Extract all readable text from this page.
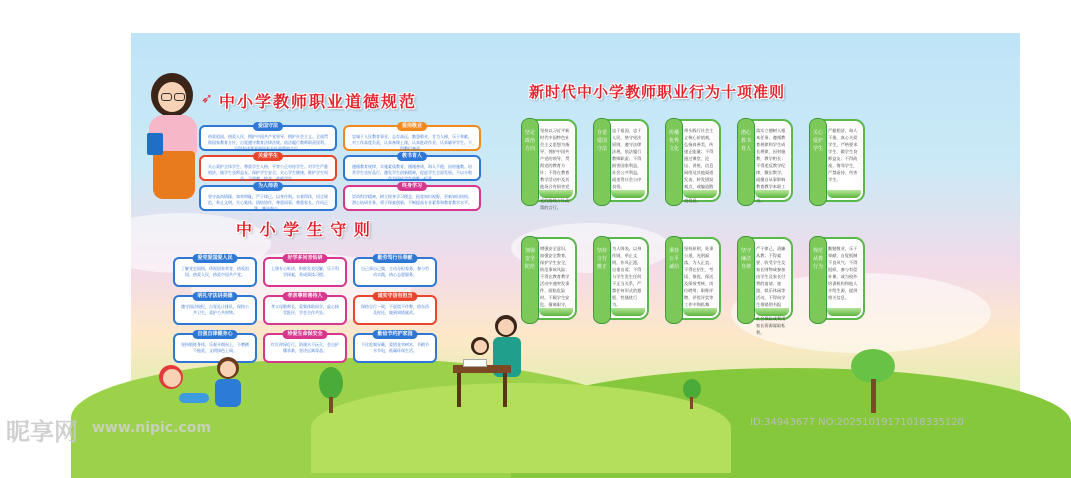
中小学教师职业道德规范
➶
爱国守法
热爱祖国，热爱人民，拥护中国共产党领导，拥护社会主义。全面贯彻国家教育方针，自觉遵守教育法律法规，依法履行教师职责权利。不得有违背党和国家方针政策的言行。
爱岗敬业
忠诚于人民教育事业，志存高远，勤恳敬业，甘为人梯，乐于奉献。对工作高度负责，认真备课上课，认真批改作业，认真辅导学生。不得敷衍塞责。
关爱学生
关心爱护全体学生，尊重学生人格，平等公正对待学生。对学生严慈相济，做学生良师益友。保护学生安全，关心学生健康，维护学生权益。不讽刺、挖苦、歧视学生。
教书育人
遵循教育规律，实施素质教育。循循善诱，诲人不倦，因材施教。培养学生良好品行，激发学生创新精神，促进学生全面发展。不以分数作为评价学生的唯一标准。
为人师表
坚守高尚情操，知荣明耻，严于律己，以身作则。衣着得体，语言规范，举止文明。关心集体，团结协作，尊重同事，尊重家长。作风正派，廉洁奉公。
终身学习
崇尚科学精神，树立终身学习理念，拓宽知识视野，更新知识结构。潜心钻研业务，勇于探索创新，不断提高专业素养和教育教学水平。
中 小 学 生 守 则
爱党爱国爱人民
了解党史国情，珍视国家荣誉，热爱祖国，热爱人民，热爱中国共产党。
好学多问肯钻研
上课专心听讲，积极发表见解，乐于科学探索，养成阅读习惯。
勤劳笃行乐奉献
自己事自己做，主动分担家务，参与劳动实践，热心志愿服务。
明礼守法讲美德
遵守国法校纪，自觉礼让排队，保持公共卫生，爱护公共财物。
孝亲尊师善待人
孝父母敬师长，爱集体助同学，虚心接受批评，学会合作共处。
诚实守信有担当
保持言行一致，不说谎不作弊，借东西及时还，做到知错就改。
自强自律健身心
坚持锻炼身体，乐观开朗向上，不磨蹭不拖延，文明绿色上网。
珍爱生命保安全
红灯停绿灯行，防溺水不玩火，会自护懂求救，坚决远离毒品。
勤俭节约护家园
不比吃喝穿戴，爱惜花草树木，节粮节水节电，低碳环保生活。
新时代中小学教师职业行为十项准则
坚持以习近平新时代中国特色社会主义思想为指导，拥护中国共产党的领导，贯彻党的教育方针；不得在教育教学活动中及其他场合有损害党 党的路线方针政策的言行。
坚定政治方向
忠于祖国，忠于人民，恪守宪法原则，遵守法律法规，依法履行教师职责；不得损害国家利益、社会公共利益，或违背社会公序良俗。
自觉爱国守法
带头践行社会主义核心价值观，弘扬真善美，传递正能量；不得通过课堂、论坛、讲座、信息网络及其他渠道发表、转发错误观点，或编造散 良信息。
传播优秀文化
落实立德树人根本任务，遵循教育规律和学生成长规律，因材施教，教学相长；不得违反教学纪律，敷衍教学，或擅自从事影响教育教学本职工 为。
潜心教书育人
严慈相济，诲人不倦，真心关爱学生，严格要求学生，做学生良师益友；不得歧视、侮辱学生，严禁虐待、伤害学生。
关心爱护学生
增强安全意识，加强安全教育，保护学生安全，防范事故风险；不得在教育教学活动中遇突发事件、面临危险时，不顾学生安危，擅离职守，
加强安全防范
为人师表，以身作则，举止文明，作风正派，自重自爱；不得与学生发生任何不正当关系，严禁任何形式的猥亵、性骚扰行为。
坚持言行雅正
坚持原则，处事公道，光明磊落，为人正直；不得在招生、考试、推优、保送及绩效考核、岗位聘用、职称评聘、评优评奖等工作中徇私舞
秉持公平诚信
严于律己，清廉从教；不得索要、收受学生及家长财物或参加由学生及家长付费的宴请、旅游、娱乐休闲等活动，不得向学生推销图书报 社会保险或利用家长资源谋取私利。
坚守廉洁自律
勤勉敬业，乐于奉献，自觉抵制不良风气；不得组织、参与有偿补课，或为校外培训机构和他人介绍生源、提供相关信息。
规范从教行为
昵享网 www.nipic.com	ID:34943677 NO:20251019171018335120
